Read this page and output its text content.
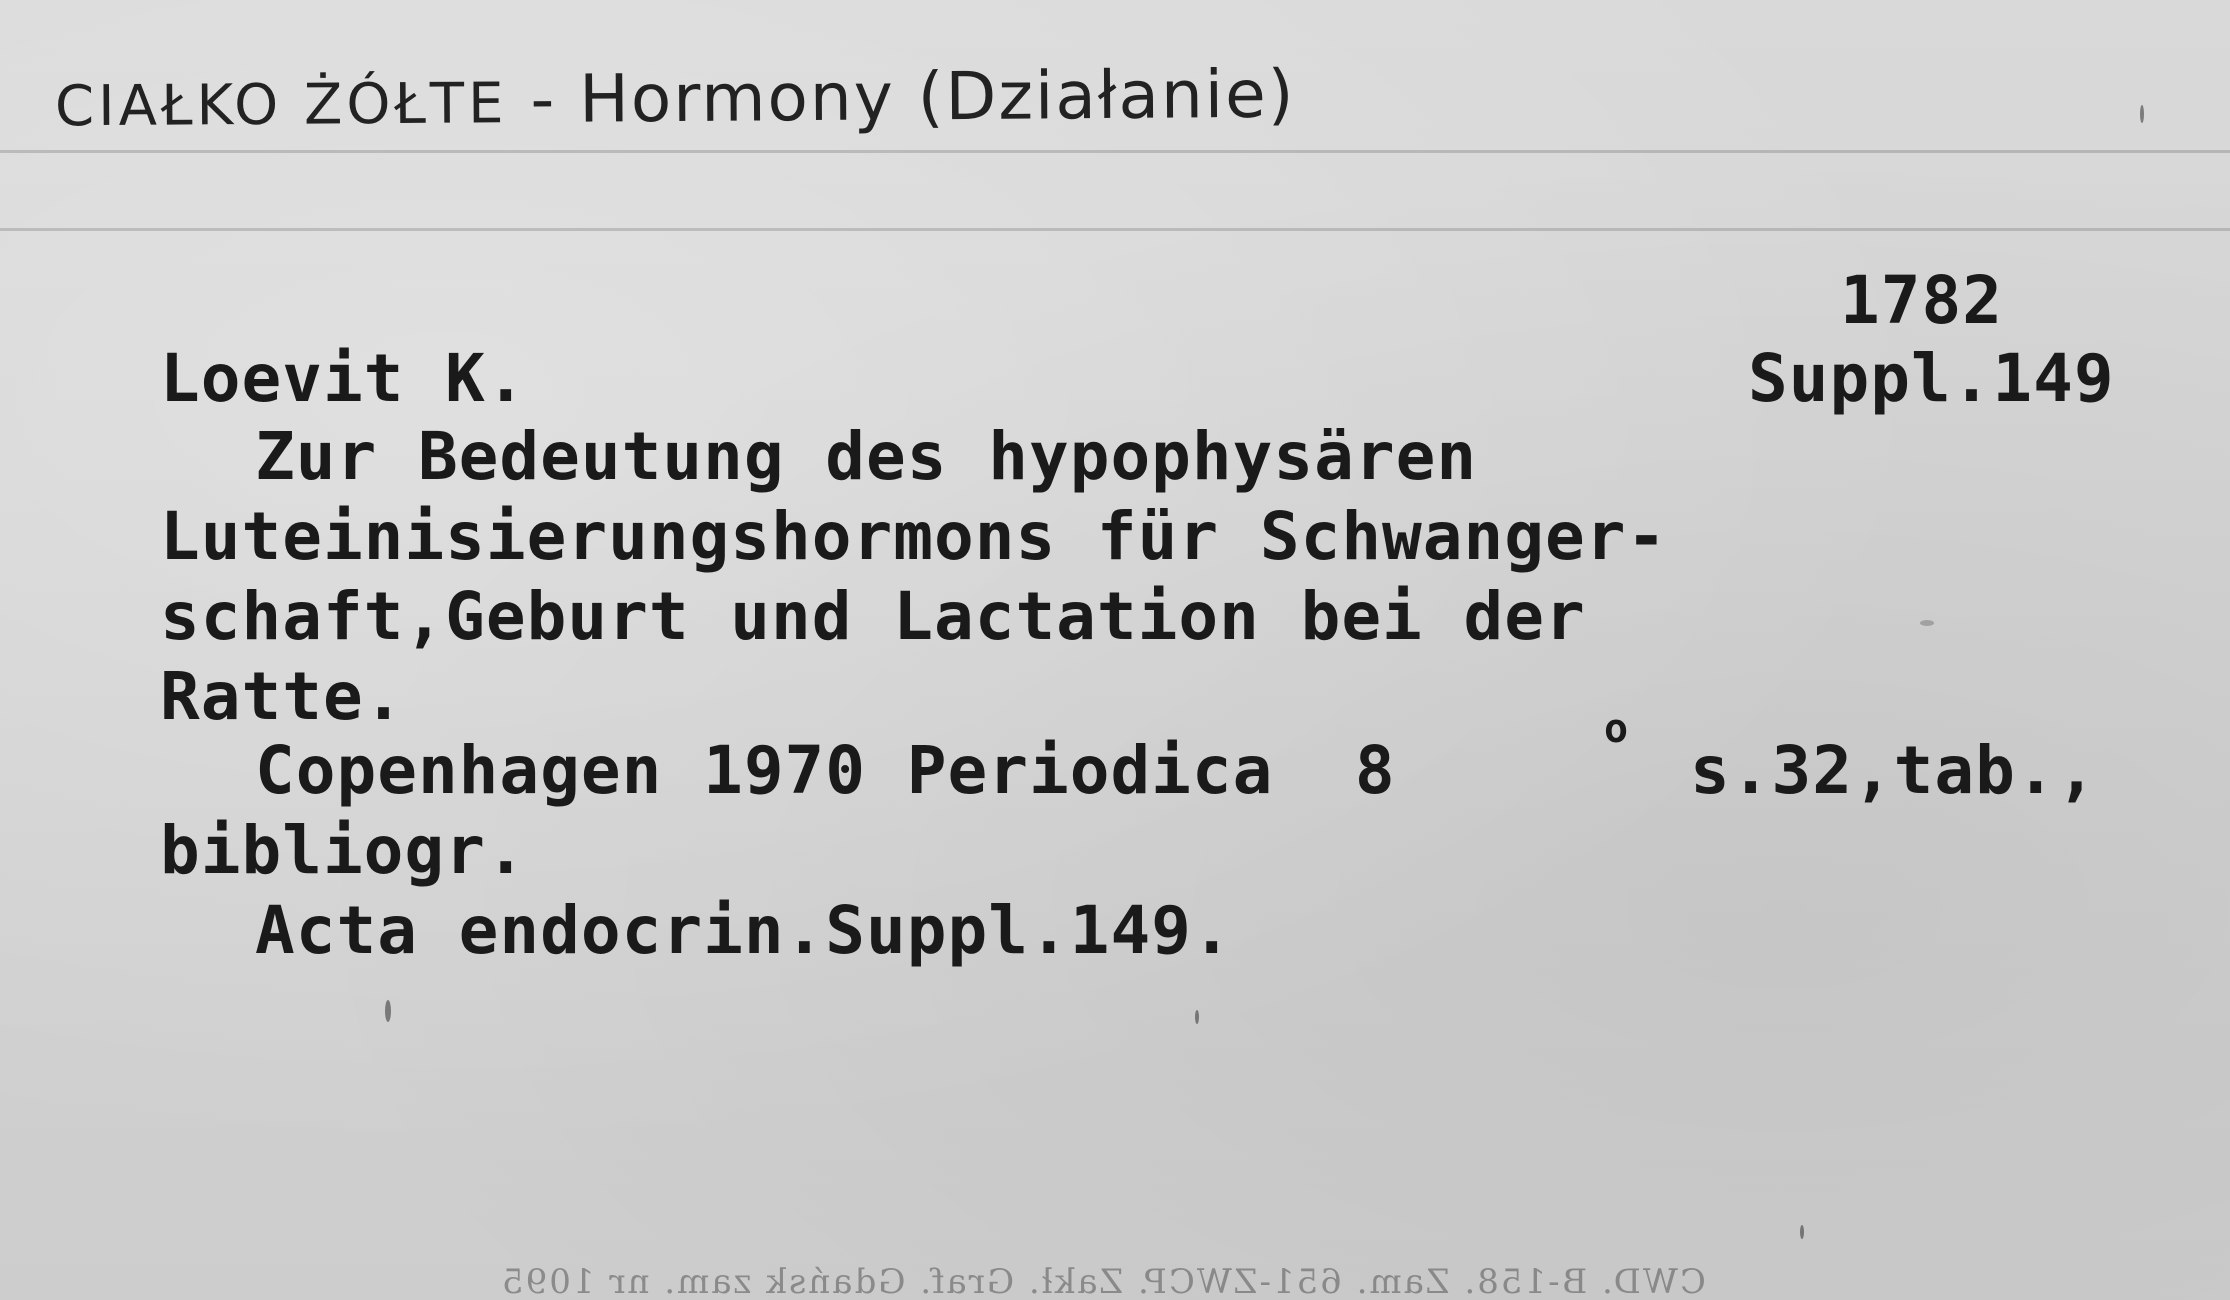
CIAŁKO ŻÓŁTE - Hormony (Działanie)
1782
Suppl.149
Loevit K.
Zur Bedeutung des hypophysären
Luteinisierungshormons für Schwanger-
schaft,Geburt und Lactation bei der
Ratte.
Copenhagen 1970 Periodica  8
o
s.32,tab.,
bibliogr.
Acta endocrin.Suppl.149.
CWD. B-158. Zam. 651-ZWCP. Zakł. Graf. Gdańsk zam. nr 1095
